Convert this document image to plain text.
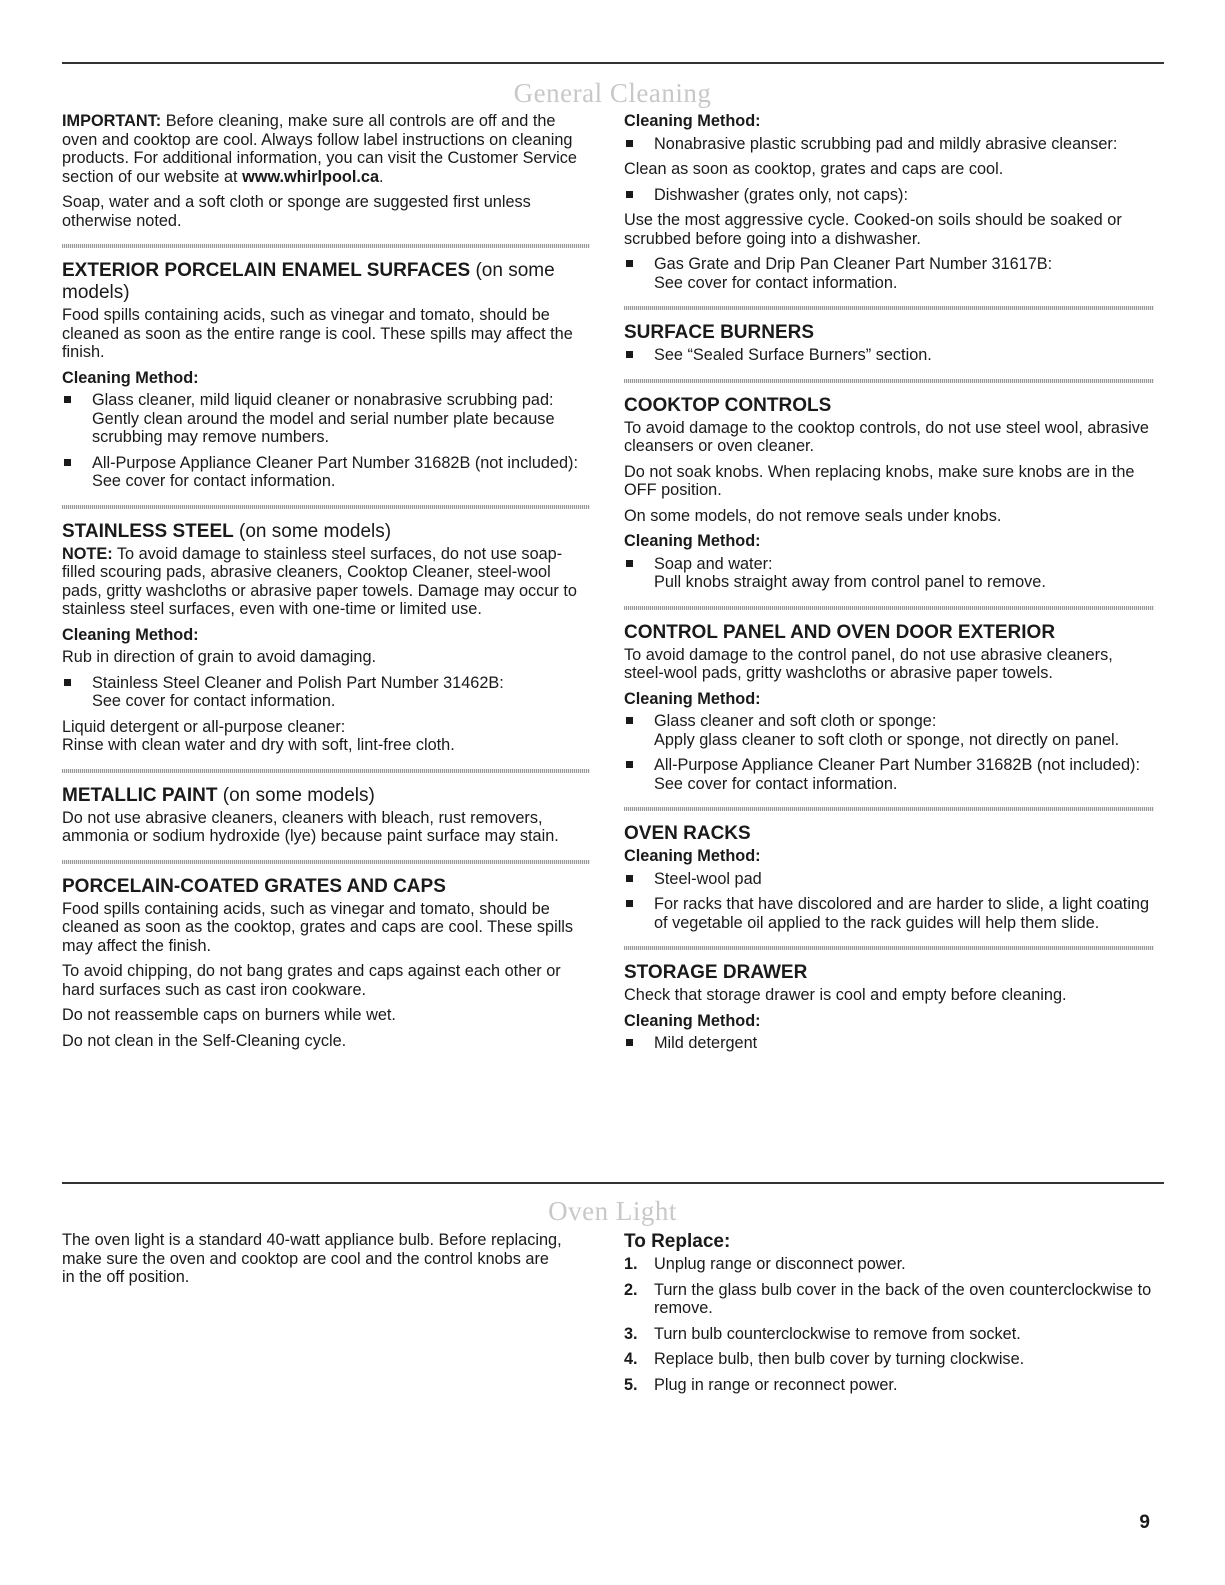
General Cleaning

IMPORTANT: Before cleaning, make sure all controls are off and the oven and cooktop are cool. Always follow label instructions on cleaning products. For additional information, you can visit the Customer Service section of our website at www.whirlpool.ca.

Soap, water and a soft cloth or sponge are suggested first unless otherwise noted.

EXTERIOR PORCELAIN ENAMEL SURFACES (on some models)

Food spills containing acids, such as vinegar and tomato, should be cleaned as soon as the entire range is cool. These spills may affect the finish.

Cleaning Method:
Glass cleaner, mild liquid cleaner or nonabrasive scrubbing pad:
Gently clean around the model and serial number plate because scrubbing may remove numbers.
All-Purpose Appliance Cleaner Part Number 31682B (not included):
See cover for contact information.
STAINLESS STEEL (on some models)

NOTE: To avoid damage to stainless steel surfaces, do not use soap-filled scouring pads, abrasive cleaners, Cooktop Cleaner, steel-wool pads, gritty washcloths or abrasive paper towels. Damage may occur to stainless steel surfaces, even with one-time or limited use.

Cleaning Method:

Rub in direction of grain to avoid damaging.

Stainless Steel Cleaner and Polish Part Number 31462B:
See cover for contact information.

Liquid detergent or all-purpose cleaner:
Rinse with clean water and dry with soft, lint-free cloth.

METALLIC PAINT (on some models)

Do not use abrasive cleaners, cleaners with bleach, rust removers, ammonia or sodium hydroxide (lye) because paint surface may stain.

PORCELAIN-COATED GRATES AND CAPS

Food spills containing acids, such as vinegar and tomato, should be cleaned as soon as the cooktop, grates and caps are cool. These spills may affect the finish.

To avoid chipping, do not bang grates and caps against each other or hard surfaces such as cast iron cookware.

Do not reassemble caps on burners while wet.

Do not clean in the Self-Cleaning cycle.

Cleaning Method:
Nonabrasive plastic scrubbing pad and mildly abrasive cleanser:

Clean as soon as cooktop, grates and caps are cool.

Dishwasher (grates only, not caps):

Use the most aggressive cycle. Cooked-on soils should be soaked or scrubbed before going into a dishwasher.

Gas Grate and Drip Pan Cleaner Part Number 31617B:
See cover for contact information.
SURFACE BURNERS
See “Sealed Surface Burners” section.
COOKTOP CONTROLS

To avoid damage to the cooktop controls, do not use steel wool, abrasive cleansers or oven cleaner.

Do not soak knobs. When replacing knobs, make sure knobs are in the OFF position.

On some models, do not remove seals under knobs.

Cleaning Method:
Soap and water:
Pull knobs straight away from control panel to remove.
CONTROL PANEL AND OVEN DOOR EXTERIOR

To avoid damage to the control panel, do not use abrasive cleaners, steel-wool pads, gritty washcloths or abrasive paper towels.

Cleaning Method:
Glass cleaner and soft cloth or sponge:
Apply glass cleaner to soft cloth or sponge, not directly on panel.
All-Purpose Appliance Cleaner Part Number 31682B (not included):
See cover for contact information.
OVEN RACKS
Cleaning Method:
Steel-wool pad
For racks that have discolored and are harder to slide, a light coating of vegetable oil applied to the rack guides will help them slide.
STORAGE DRAWER

Check that storage drawer is cool and empty before cleaning.

Cleaning Method:
Mild detergent
Oven Light

The oven light is a standard 40-watt appliance bulb. Before replacing, make sure the oven and cooktop are cool and the control knobs are in the off position.

To Replace:
1. Unplug range or disconnect power.
2. Turn the glass bulb cover in the back of the oven counterclockwise to remove.
3. Turn bulb counterclockwise to remove from socket.
4. Replace bulb, then bulb cover by turning clockwise.
5. Plug in range or reconnect power.
9
